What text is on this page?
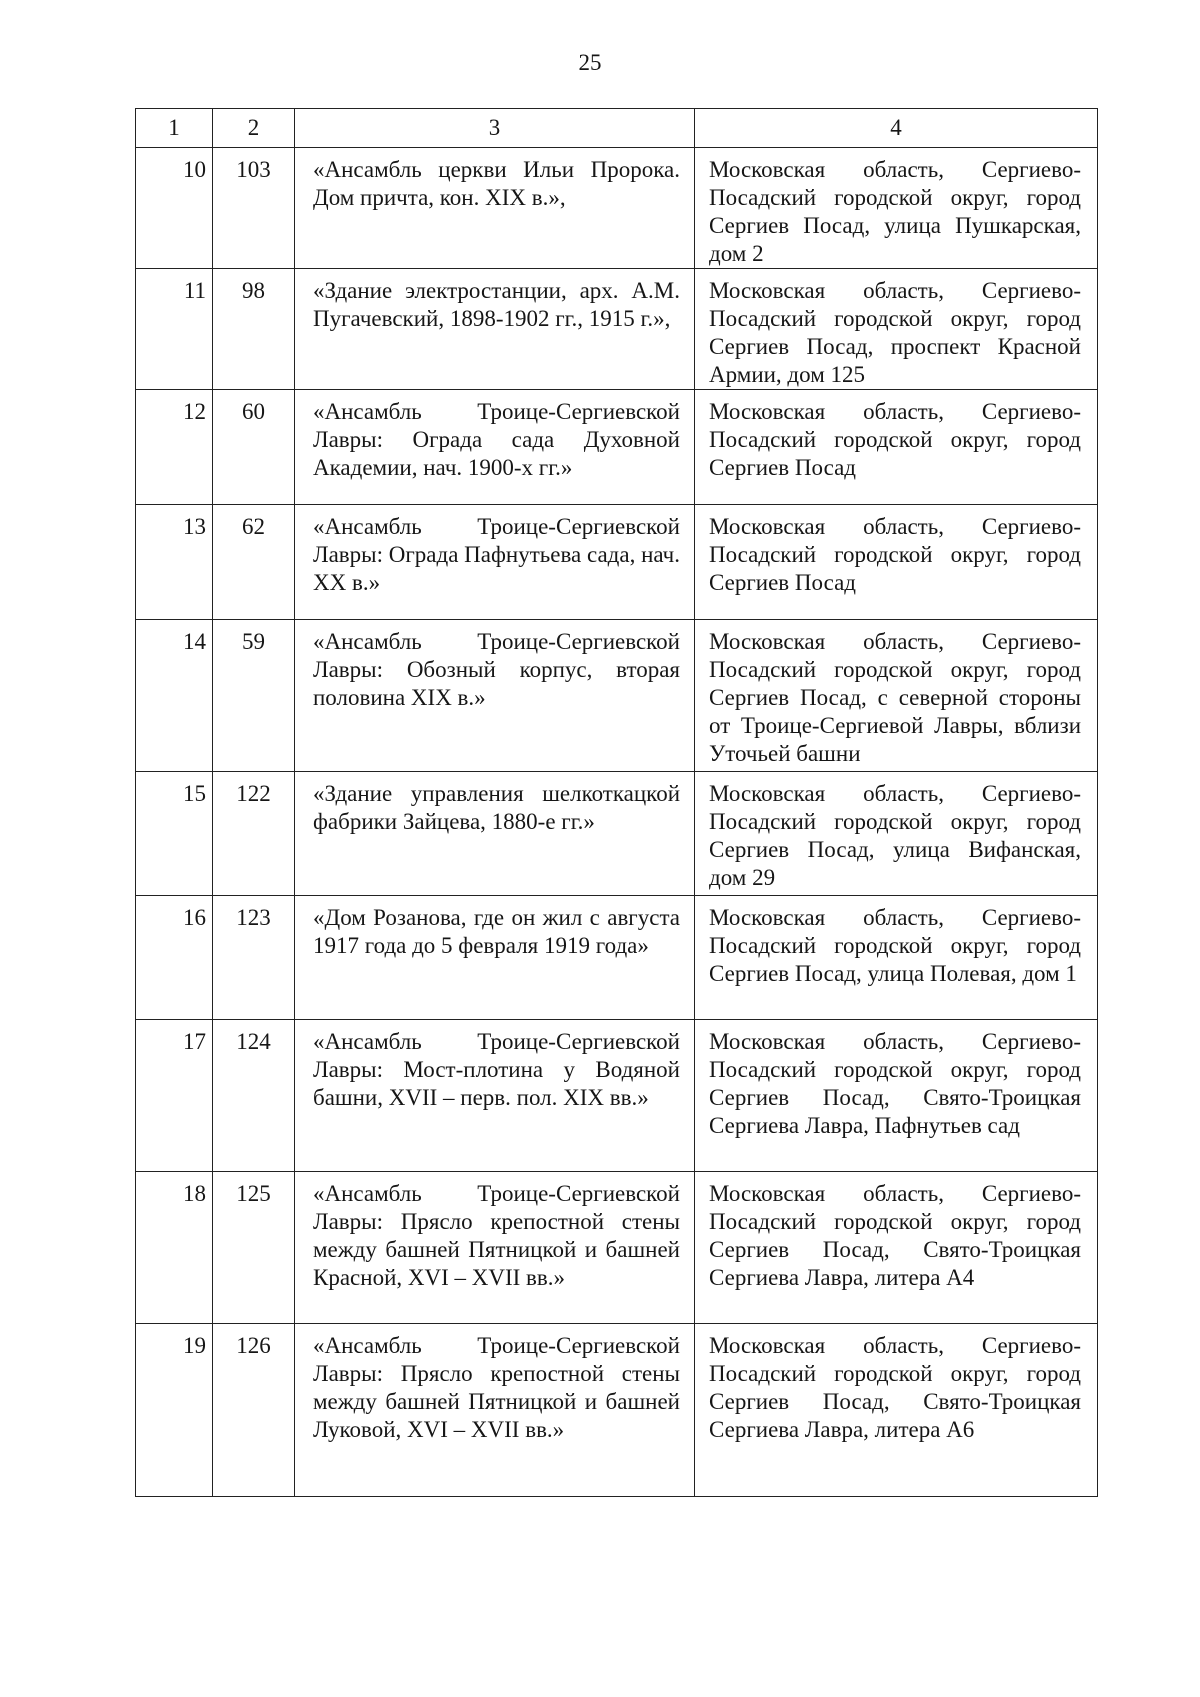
25
1	2	3	4
10	103	«Ансамбль церкви Ильи Пророка. Дом причта, кон. XIX в.»,	Московская область, Сергиево-Посадский городской округ, город Сергиев Посад, улица Пушкарская, дом 2
11	98	«Здание электростанции, арх. А.М. Пугачевский, 1898-1902 гг., 1915 г.»,	Московская область, Сергиево-Посадский городской округ, город Сергиев Посад, проспект Красной Армии, дом 125
12	60	«Ансамбль Троице-Сергиевской Лавры: Ограда сада Духовной Академии, нач. 1900-х гг.»	Московская область, Сергиево-Посадский городской округ, город Сергиев Посад
13	62	«Ансамбль Троице-Сергиевской Лавры: Ограда Пафнутьева сада, нач. XX в.»	Московская область, Сергиево-Посадский городской округ, город Сергиев Посад
14	59	«Ансамбль Троице-Сергиевской Лавры: Обозный корпус, вторая половина XIX в.»	Московская область, Сергиево-Посадский городской округ, город Сергиев Посад, с северной стороны от Троице-Сергиевой Лавры, вблизи Уточьей башни
15	122	«Здание управления шелкоткацкой фабрики Зайцева, 1880-е гг.»	Московская область, Сергиево-Посадский городской округ, город Сергиев Посад, улица Вифанская, дом 29
16	123	«Дом Розанова, где он жил с августа 1917 года до 5 февраля 1919 года»	Московская область, Сергиево-Посадский городской округ, город Сергиев Посад, улица Полевая, дом 1
17	124	«Ансамбль Троице-Сергиевской Лавры: Мост-плотина у Водяной башни, XVII – перв. пол. XIX вв.»	Московская область, Сергиево-Посадский городской округ, город Сергиев Посад, Свято-Троицкая Сергиева Лавра, Пафнутьев сад
18	125	«Ансамбль Троице-Сергиевской Лавры: Прясло крепостной стены между башней Пятницкой и башней Красной, XVI – XVII вв.»	Московская область, Сергиево-Посадский городской округ, город Сергиев Посад, Свято-Троицкая Сергиева Лавра, литера А4
19	126	«Ансамбль Троице-Сергиевской Лавры: Прясло крепостной стены между башней Пятницкой и башней Луковой, XVI – XVII вв.»	Московская область, Сергиево-Посадский городской округ, город Сергиев Посад, Свято-Троицкая Сергиева Лавра, литера А6
